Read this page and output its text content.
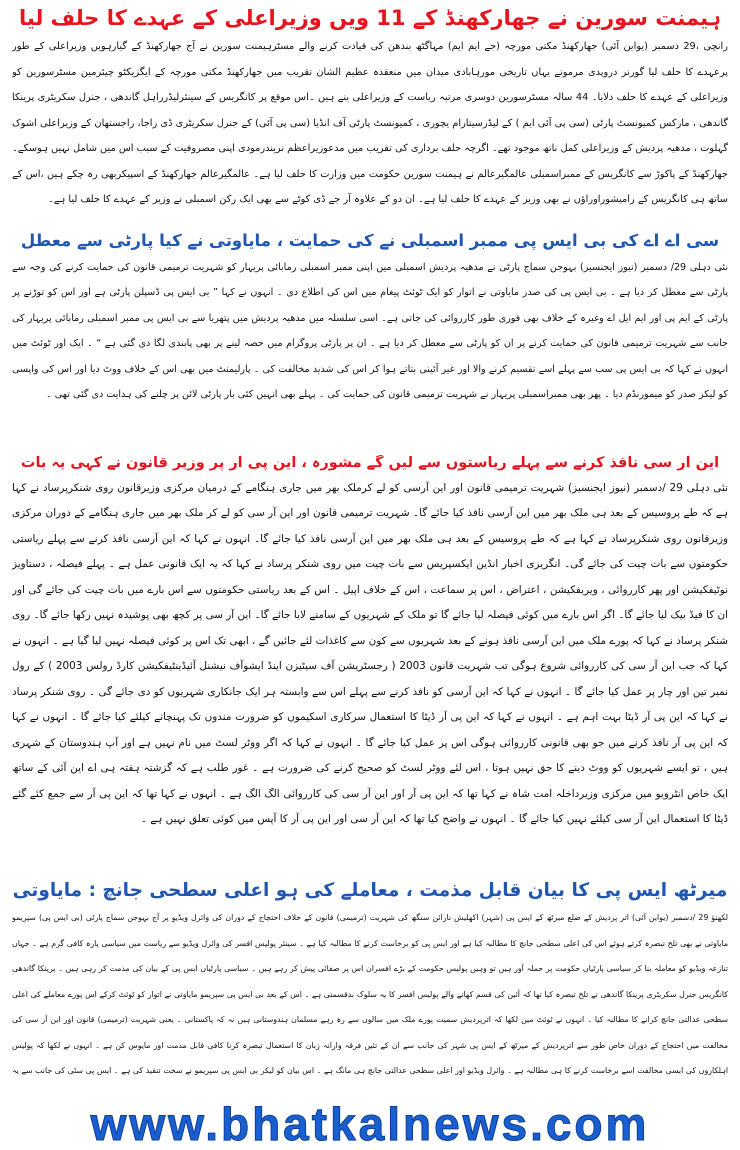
ہیمنت سورین نے جھارکھنڈ کے 11 ویں وزیراعلی کے عہدے کا حلف لیا

رانچی ،29 دسمبر (یواین آئی) جھارکھنڈ مکتی مورچہ (جے ایم ایم) مہاگٹھ بندھن کی قیادت کرنے والے مسٹرہیمنت سورین نے آج جھارکھنڈ کے گیارہویں وزیراعلی کے طور پرعہدے کا حلف لیا گورنر دروپدی مرمونے یہاں تاریخی مورہابادی میدان میں منعقدہ عظیم الشان تقریب میں جھارکھنڈ مکتی مورچہ کے ایگزیکٹو چیئرمین مسٹرسورین کو وزیراعلی کے عہدے کا حلف دلایا۔ 44 سالہ مسٹرسورین دوسری مرتبہ ریاست کے وزیراعلی بنے ہیں ۔اس موقع پر کانگریس کے سینئرلیڈرراہل گاندھی ، جنرل سکریٹری پرینکا گاندھی ، مارکس کمیونسٹ پارٹی (سی پی آئی ایم ) کے لیڈرسیتارام یچوری ، کمیونسٹ پارٹی آف انڈیا (سی پی آئی) کے جنرل سکریٹری ڈی راجا، راجستھان کے وزیراعلی اشوک گہلوت ، مدھیہ پردیش کے وزیراعلی کمل ناتھ موجود تھے۔ اگرچہ حلف برداری کی تقریب میں مدعوزیراعظم نریندرمودی اپنی مصروفیت کے سبب اس میں شامل نہیں ہوسکے۔ جھارکھنڈ کے پاکوڑ سے کانگریس کے ممبراسمبلی عالمگیرعالم نے ہیمنت سورین حکومت میں وزارت کا حلف لیا ہے۔ عالمگیرعالم جھارکھنڈ کے اسپیکربھی رہ چکے ہیں ،اس کے ساتھ ہی کانگریس کے رامیشوراوراؤں نے بھی وزیر کے عہدے کا حلف لیا ہے۔ ان دو کے علاوہ آر جے ڈی کوٹے سے بھی ایک رکن اسمبلی نے وزیر کے عہدے کا حلف لیا ہے۔

سی اے اے کی بی ایس پی ممبر اسمبلی نے کی حمایت ، مایاوتی نے کیا پارٹی سے معطل

نئی دہلی 29/ دسمبر (نیوز ایجنسیز) بہوجن سماج پارٹی نے مدھیہ پردیش اسمبلی میں اپنی ممبر اسمبلی رمابائی پریہار کو شہریت ترمیمی قانون کی حمایت کرنے کی وجہ سے پارٹی سے معطل کر دیا ہے ۔ بی ایس پی کی صدر مایاوتی نے اتوار کو ایک ٹوئٹ پیغام میں اس کی اطلاع دی ۔ انہوں نے کہا ” بی ایس پی ڈسپلن پارٹی ہے اور اس کو توڑنے پر پارٹی کے ایم پی اور ایم ایل اے وغیرہ کے خلاف بھی فوری طور کارروائی کی جاتی ہے۔ اسی سلسلہ میں مدھیہ پردیش میں پتھریا سے بی ایس پی ممبر اسمبلی رمابائی پریہار کی جانب سے شہریت ترمیمی قانون کی حمایت کرنے پر ان کو پارٹی سے معطل کر دیا ہے ۔ ان پر پارٹی پروگرام میں حصہ لینے پر بھی پابندی لگا دی گئی ہے “ ۔ ایک اور ٹوئٹ میں انہوں نے کہا کہ بی ایس پی سب سے پہلے اسے تقسیم کرنے والا اور غیر آئینی بتاتے ہوا کر اس کی شدید مخالفت کی ۔ پارلیمنٹ میں بھی اس کے خلاف ووٹ دیا اور اس کی واپسی کو لیکر صدر کو میمورنڈم دیا ۔ پھر بھی ممبراسمبلی پریہار نے شہریت ترمیمی قانون کی حمایت کی ۔ پہلے بھی انہیں کئی بار پارٹی لائن پر چلنے کی ہدایت دی گئی تھی ۔

این آر سی نافذ کرنے سے پہلے ریاستوں سے لیں گے مشورہ ، این پی آر پر وزیر قانون نے کہی یہ بات

نئی دہلی 29 /دسمبر (نیوز ایجنسیز) شہریت ترمیمی قانون اور این آرسی کو لے کرملک بھر میں جاری ہنگامے کے درمیان مرکزی وزیرقانون روی شنکرپرساد نے کہا ہے کہ طے پروسیس کے بعد ہی ملک بھر میں این آرسی نافذ کیا جائے گا۔ شہریت ترمیمی قانون اور این آر سی کو لے کر ملک بھر میں جاری ہنگامے کے دوران مرکزی وزیرقانون روی شنکرپرساد نے کہا ہے کہ طے پروسیس کے بعد ہی ملک بھر میں این آرسی نافذ کیا جائے گا۔ انہوں نے کہا کہ این آرسی نافذ کرنے سے پہلے ریاستی حکومتوں سے بات چیت کی جائے گی۔ انگریزی اخبار انڈین ایکسپریس سے بات چیت میں روی شنکر پرساد نے کہا کہ یہ ایک قانونی عمل ہے ۔ پہلے فیصلہ ، دستاویز نوٹیفکیشن اور پھر کارروائی ، ویریفکیشن ، اعتراض ، اس پر سماعت ، اس کے خلاف اپیل ۔ اس کے بعد ریاستی حکومتوں سے اس بارے میں بات چیت کی جائے گی اور ان کا فیڈ بیک لیا جائے گا۔ اگر اس بارے میں کوئی فیصلہ لیا جائے گا تو ملک کے شہریوں کے سامنے لایا جائے گا۔ این آر سی پر کچھ بھی پوشیدہ نہیں رکھا جائے گا۔ روی شنکر پرساد نے کہا کہ پورے ملک میں این آرسی نافذ ہونے کے بعد شہریوں سے کون سے کاغذات لئے جائیں گے ، ابھی تک اس پر کوئی فیصلہ نہیں لیا گیا ہے ۔ انہوں نے کہا کہ جب این آر سی کی کارروائی شروع ہوگی تب شہریت قانون 2003 ( رجسٹریشن آف سیٹیزن اینڈ ایشوآف نیشنل آئیڈینٹیفکیشن کارڈ رولس 2003 ) کے رول نمبر تین اور چار پر عمل کیا جائے گا ۔ انہوں نے کہا کہ این آرسی کو نافذ کرنے سے پہلے اس سے وابستہ ہر ایک جانکاری شہریوں کو دی جائے گی ۔ روی شنکر پرساد نے کہا کہ این پی آر ڈیٹا بہت اہم ہے ۔ انہوں نے کہا کہ این پی آر ڈیٹا کا استعمال سرکاری اسکیموں کو ضرورت مندوں تک پہنچانے کیلئے کیا جائے گا ۔ انہوں نے کہا کہ این پی آر نافذ کرنے میں جو بھی قانونی کارروائی ہوگی اس پر عمل کیا جائے گا ۔ انہوں نے کہا کہ اگر ووٹر لسٹ میں نام نہیں ہے اور آپ ہندوستان کے شہری ہیں ، تو ایسے شہریوں کو ووٹ دینے کا حق نہیں ہوتا ، اس لئے ووٹر لسٹ کو صحیح کرنے کی ضرورت ہے ۔ غور طلب ہے کہ گزشتہ ہفتہ ہی اے این آئی کے ساتھ ایک خاص انٹرویو میں مرکزی وزیرداخلہ امت شاہ نے کہا تھا کہ این پی آر اور این آر سی کی کارروائی الگ الگ ہے ۔ انہوں نے کہا تھا کہ این پی آر سے جمع کئے گئے ڈیٹا کا استعمال این آر سی کیلئے نہیں کیا جائے گا ۔ انہوں نے واضح کیا تھا کہ این آر سی اور این پی آر کا آپس میں کوئی تعلق نہیں ہے ۔

میرٹھ ایس پی کا بیان قابل مذمت ، معاملے کی ہو اعلی سطحی جانچ : مایاوتی

لکھنؤ 29 /دسمبر (یواین آئی) اتر پردیش کے ضلع میرٹھ کے ایس پی (شہر) اکھلیش نارائن سنگھ کی شہریت (ترمیمی) قانون کے خلاف احتجاج کے دوران کی وائرل ویڈیو پر آج بہوجن سماج پارٹی (بی ایس پی) سپریمو مایاوتی نے بھی تلخ تبصرہ کرتے ہوئے اس کی اعلی سطحی جانچ کا مطالبہ کیا ہے اور ایس پی کو برخاست کرنے کا مطالبہ کیا ہے ۔ سینئر پولیس افسر کی وائرل ویڈیو سے ریاست میں سیاسی پارہ کافی گرم ہے ۔ جہاں تنازعہ ویڈیو کو معاملہ بنا کر سیاسی پارٹیاں حکومت پر حملہ آور ہیں تو وہیں پولیس حکومت کے بڑے افسران اس پر صفائی پیش کر رہے ہیں ۔ سیاسی پارٹیاں ایس پی کے بیان کی مذمت کر رہی ہیں ۔ پرینکا گاندھی کانگریس جنرل سکریٹری پرینکا گاندھی نے تلخ تبصرہ کیا تھا کہ آئین کی قسم کھانے والے پولیس افسر کا یہ سلوک بدقسمتی ہے ۔ اس کے بعد بی ایس پی سپریمو مایاوتی نے اتوار کو ٹوئٹ کرکے اس پورے معاملے کی اعلی سطحی عدالتی جانچ کرانے کا مطالبہ کیا ۔ انہوں نے ٹوئٹ میں لکھا کہ اترپردیش سمیت پورے ملک میں سالوں سے رہ رہے مسلمان ہندوستانی ہیں نہ کہ پاکستانی ۔ یعنی شہریت (ترمیمی) قانون اور این آر سی کی مخالفت میں احتجاج کے دوران خاص طور سے اترپردیش کے میرٹھ کے ایس پی شہر کی جانب سے ان کے تئیں فرقہ وارانہ زبان کا استعمال تبصرہ کرنا کافی قابل مذمت اور مایوس کن ہے ۔ انہوں نے لکھا کہ پولیس اہلکاروں کی ایسی مخالفت اسے برخاست کرنے کا ہی مطالبہ ہے ۔ وائرل ویڈیو اور اعلی سطحی عدالتی جانچ ہی مانگ ہے ۔ اس بیان کو لیکر بی ایس پی سپریمو نے سخت تنقید کی ہے ۔ ایس پی سٹی کی جانب سے یہ

www.bhatkalnews.com
